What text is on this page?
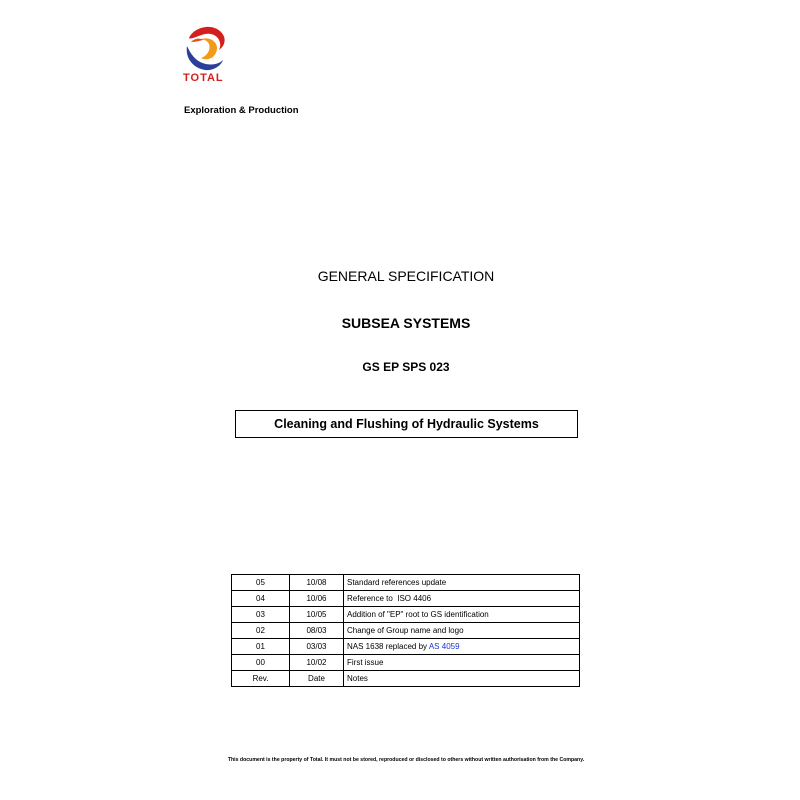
TOTAL
Exploration & Production
GENERAL SPECIFICATION
SUBSEA SYSTEMS
GS EP SPS 023
Cleaning and Flushing of Hydraulic Systems
05	10/08	Standard references update
04	10/06	Reference to  ISO 4406
03	10/05	Addition of "EP" root to GS identification
02	08/03	Change of Group name and logo
01	03/03	NAS 1638 replaced by AS 4059
00	10/02	First issue
Rev.	Date	Notes
This document is the property of Total. It must not be stored, reproduced or disclosed to others without written authorisation from the Company.
